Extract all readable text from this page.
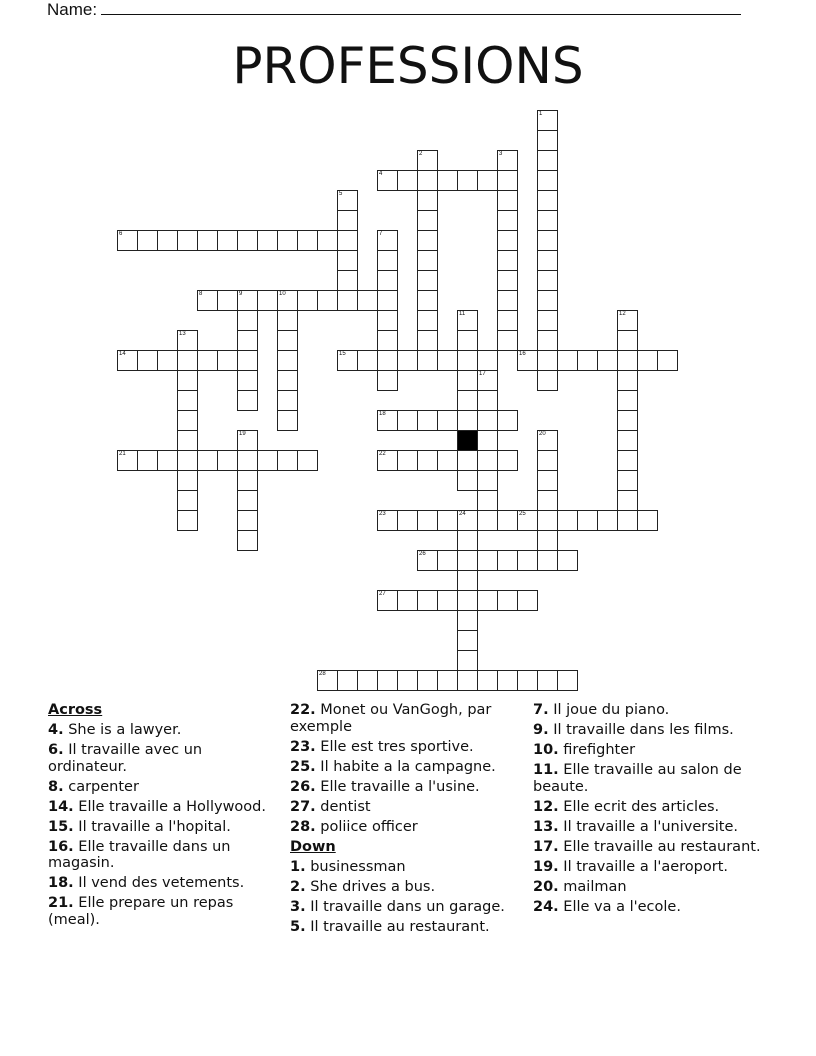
Name:
PROFESSIONS
1
2	3
4
5
6	7
8	9	10
11	12
13
14	15	16
17
18
19	20
21	22
23	24	25
26
27
28
Across
4. She is a lawyer.
6. Il travaille avec un ordinateur.
8. carpenter
14. Elle travaille a Hollywood.
15. Il travaille a l'hopital.
16. Elle travaille dans un magasin.
18. Il vend des vetements.
21. Elle prepare un repas (meal).
22. Monet ou VanGogh, par exemple
23. Elle est tres sportive.
25. Il habite a la campagne.
26. Elle travaille a l'usine.
27. dentist
28. poliice officer
Down
1. businessman
2. She drives a bus.
3. Il travaille dans un garage.
5. Il travaille au restaurant.
7. Il joue du piano.
9. Il travaille dans les films.
10. firefighter
11. Elle travaille au salon de beaute.
12. Elle ecrit des articles.
13. Il travaille a l'universite.
17. Elle travaille au restaurant.
19. Il travaille a l'aeroport.
20. mailman
24. Elle va a l'ecole.
